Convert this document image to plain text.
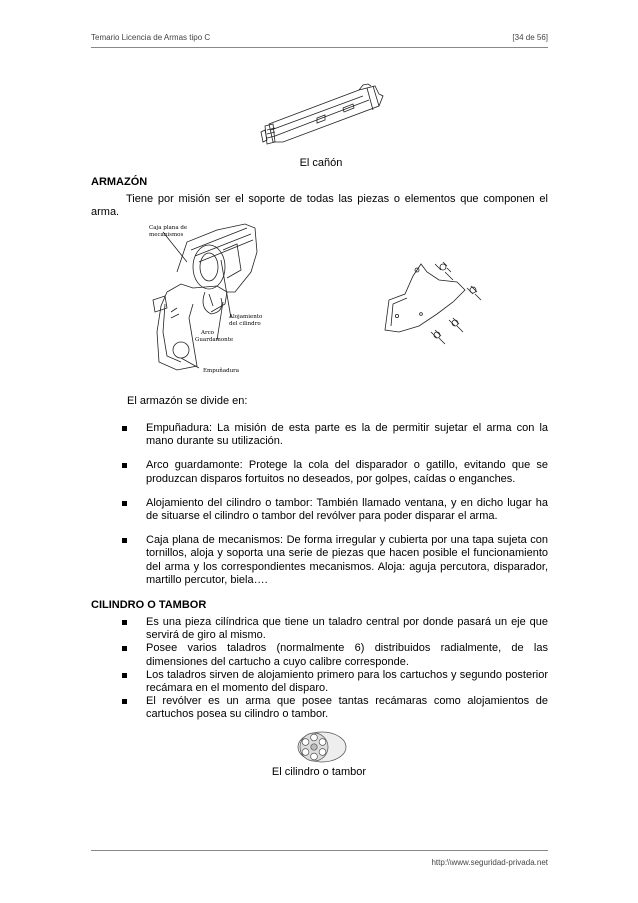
Temario Licencia de Armas tipo C	[34 de 56]
El cañón
ARMAZÓN
Tiene por misión ser el soporte de todas las piezas o elementos que componen el arma.
Caja plana de
mecanismos
Alojamiento
del cilindro
Arco
Guardamonte
Empuñadura
El armazón se divide en:
Empuñadura: La misión de esta parte es la de permitir sujetar el arma con la mano durante su utilización.
Arco guardamonte: Protege la cola del disparador o gatillo, evitando que se produzcan disparos fortuitos no deseados, por golpes, caídas o enganches.
Alojamiento del cilindro o tambor: También llamado ventana, y en dicho lugar ha de situarse el cilindro o tambor del revólver para poder disparar el arma.
Caja plana de mecanismos: De forma irregular y cubierta por una tapa sujeta con tornillos, aloja y soporta una serie de piezas que hacen posible el funcionamiento del arma y los correspondientes mecanismos. Aloja: aguja percutora, disparador, martillo percutor, biela….
CILINDRO O TAMBOR
Es una pieza cilíndrica que tiene un taladro central por donde pasará un eje que servirá de giro al mismo.
Posee varios taladros (normalmente 6) distribuidos radialmente, de las dimensiones del cartucho a cuyo calibre corresponde.
Los taladros sirven de alojamiento primero para los cartuchos y segundo posterior recámara en el momento del disparo.
El revólver es un arma que posee tantas recámaras como alojamientos de cartuchos posea su cilindro o tambor.
El cilindro o tambor
http:\\www.seguridad-privada.net
